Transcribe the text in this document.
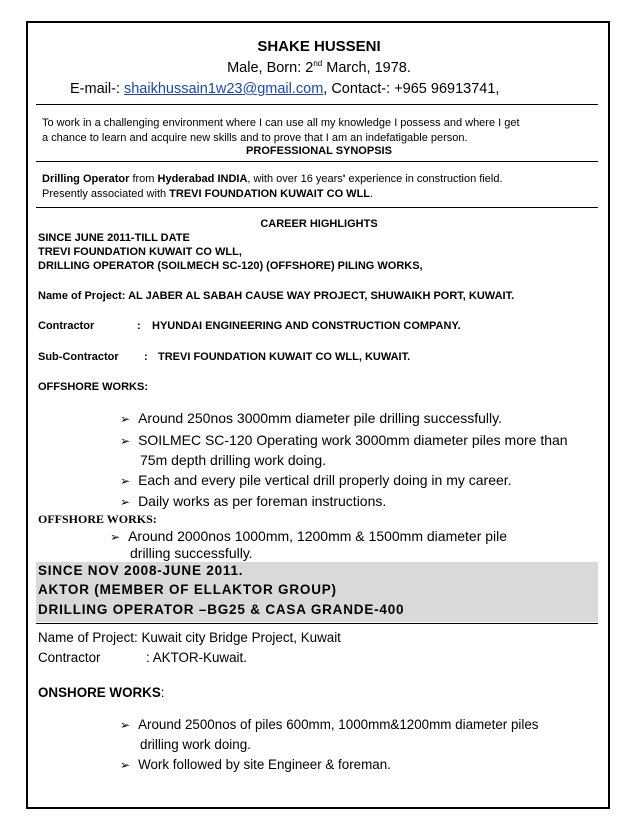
SHAKE HUSSENI
Male, Born: 2nd March, 1978.
E-mail-: shaikhussain1w23@gmail.com, Contact-: +965 96913741,
To work in a challenging environment where I can use all my knowledge I possess and where I get
a chance to learn and acquire new skills and to prove that I am an indefatigable person.
PROFESSIONAL SYNOPSIS
Drilling Operator from Hyderabad INDIA, with over 16 years' experience in construction field.
Presently associated with TREVI FOUNDATION KUWAIT CO WLL.
CAREER HIGHLIGHTS
SINCE JUNE 2011-TILL DATE
TREVI FOUNDATION KUWAIT CO WLL,
DRILLING OPERATOR (SOILMECH SC-120) (OFFSHORE) PILING WORKS,
Name of Project: AL JABER AL SABAH CAUSE WAY PROJECT, SHUWAIKH PORT, KUWAIT.
Contractor	: HYUNDAI ENGINEERING AND CONSTRUCTION COMPANY.
Sub-Contractor : TREVI FOUNDATION KUWAIT CO WLL, KUWAIT.
OFFSHORE WORKS:
➢ Around 250nos 3000mm diameter pile drilling successfully.
➢ SOILMEC SC-120 Operating work 3000mm diameter piles more than
75m depth drilling work doing.
➢ Each and every pile vertical drill properly doing in my career.
➢ Daily works as per foreman instructions.
OFFSHORE WORKS:
➢ Around 2000nos 1000mm, 1200mm & 1500mm diameter pile
drilling successfully.
SINCE NOV 2008-JUNE 2011.
AKTOR (MEMBER OF ELLAKTOR GROUP)
DRILLING OPERATOR –BG25 & CASA GRANDE-400
Name of Project: Kuwait city Bridge Project, Kuwait
Contractor	: AKTOR-Kuwait.
ONSHORE WORKS:
➢ Around 2500nos of piles 600mm, 1000mm&1200mm diameter piles
drilling work doing.
➢ Work followed by site Engineer & foreman.
